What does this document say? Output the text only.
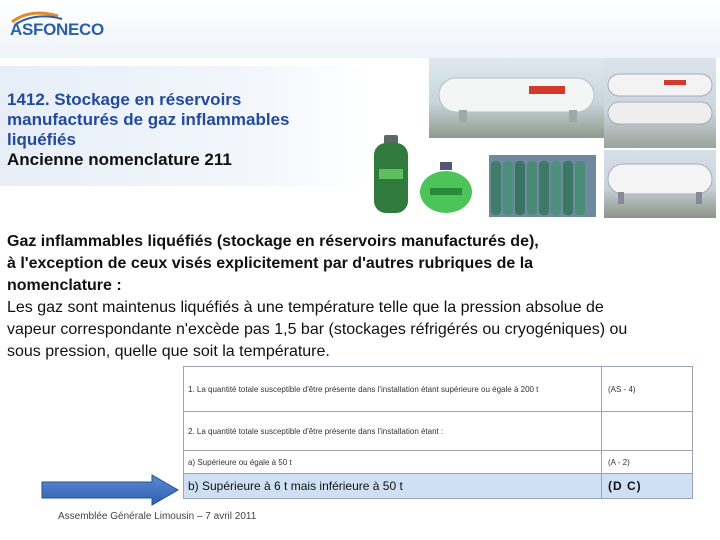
ASFONECO
1412. Stockage en réservoirs
manufacturés de gaz inflammables
liquéfiés
Ancienne nomenclature 211
Gaz inflammables liquéfiés (stockage en réservoirs manufacturés de),
à l'exception de ceux visés explicitement par d'autres rubriques de la
nomenclature :
Les gaz sont maintenus liquéfiés à une température telle que la pression absolue de
vapeur correspondante n'excède pas 1,5 bar (stockages réfrigérés ou cryogéniques) ou
sous pression, quelle que soit la température.
1. La quantité totale susceptible d'être présente dans l'installation étant supérieure ou égale à 200 t	(AS - 4)
2. La quantité totale susceptible d'être présente dans l'installation étant :	
a) Supérieure ou égale à 50 t	(A - 2)
b) Supérieure à 6 t mais inférieure à 50 t	(D C)
Assemblée Générale Limousin – 7 avril 2011
